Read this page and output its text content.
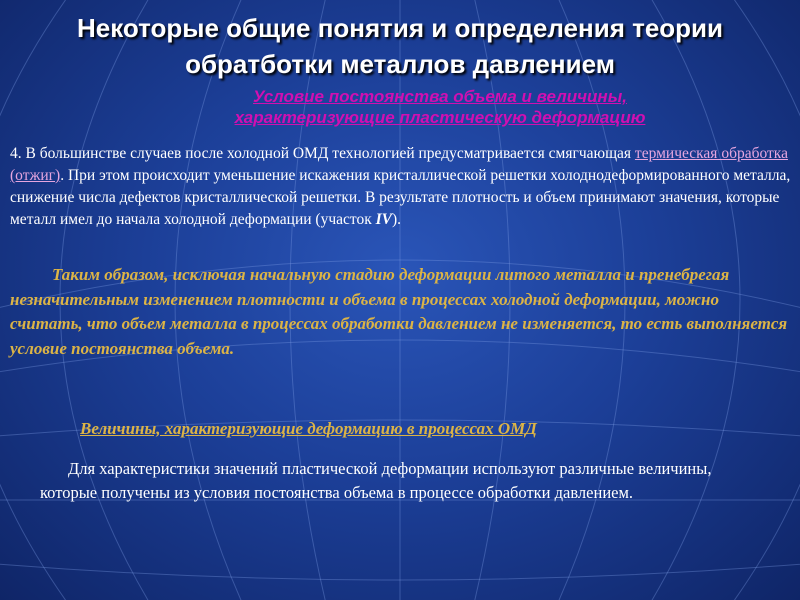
Некоторые общие понятия и определения теории
обратботки металлов давлением
Условие постоянства объема и величины,
характеризующие пластическую деформацию
4. В большинстве случаев после холодной ОМД технологией предусматривается смягчающая термическая обработка (отжиг). При этом происходит уменьшение искажения кристаллической решетки холоднодеформированного металла, снижение числа дефектов кристаллической решетки. В результате плотность и объем принимают значения, которые металл имел до начала холодной деформации (участок IV).
Таким образом, исключая начальную стадию деформации литого металла и пренебрегая незначительным изменением плотности и объема в процессах холодной деформации, можно считать, что объем металла в процессах обработки давлением не изменяется, то есть выполняется условие постоянства объема.
Величины, характеризующие деформацию в процессах ОМД
Для характеристики значений пластической деформации используют различные величины, которые получены из условия постоянства объема в процессе обработки давлением.
